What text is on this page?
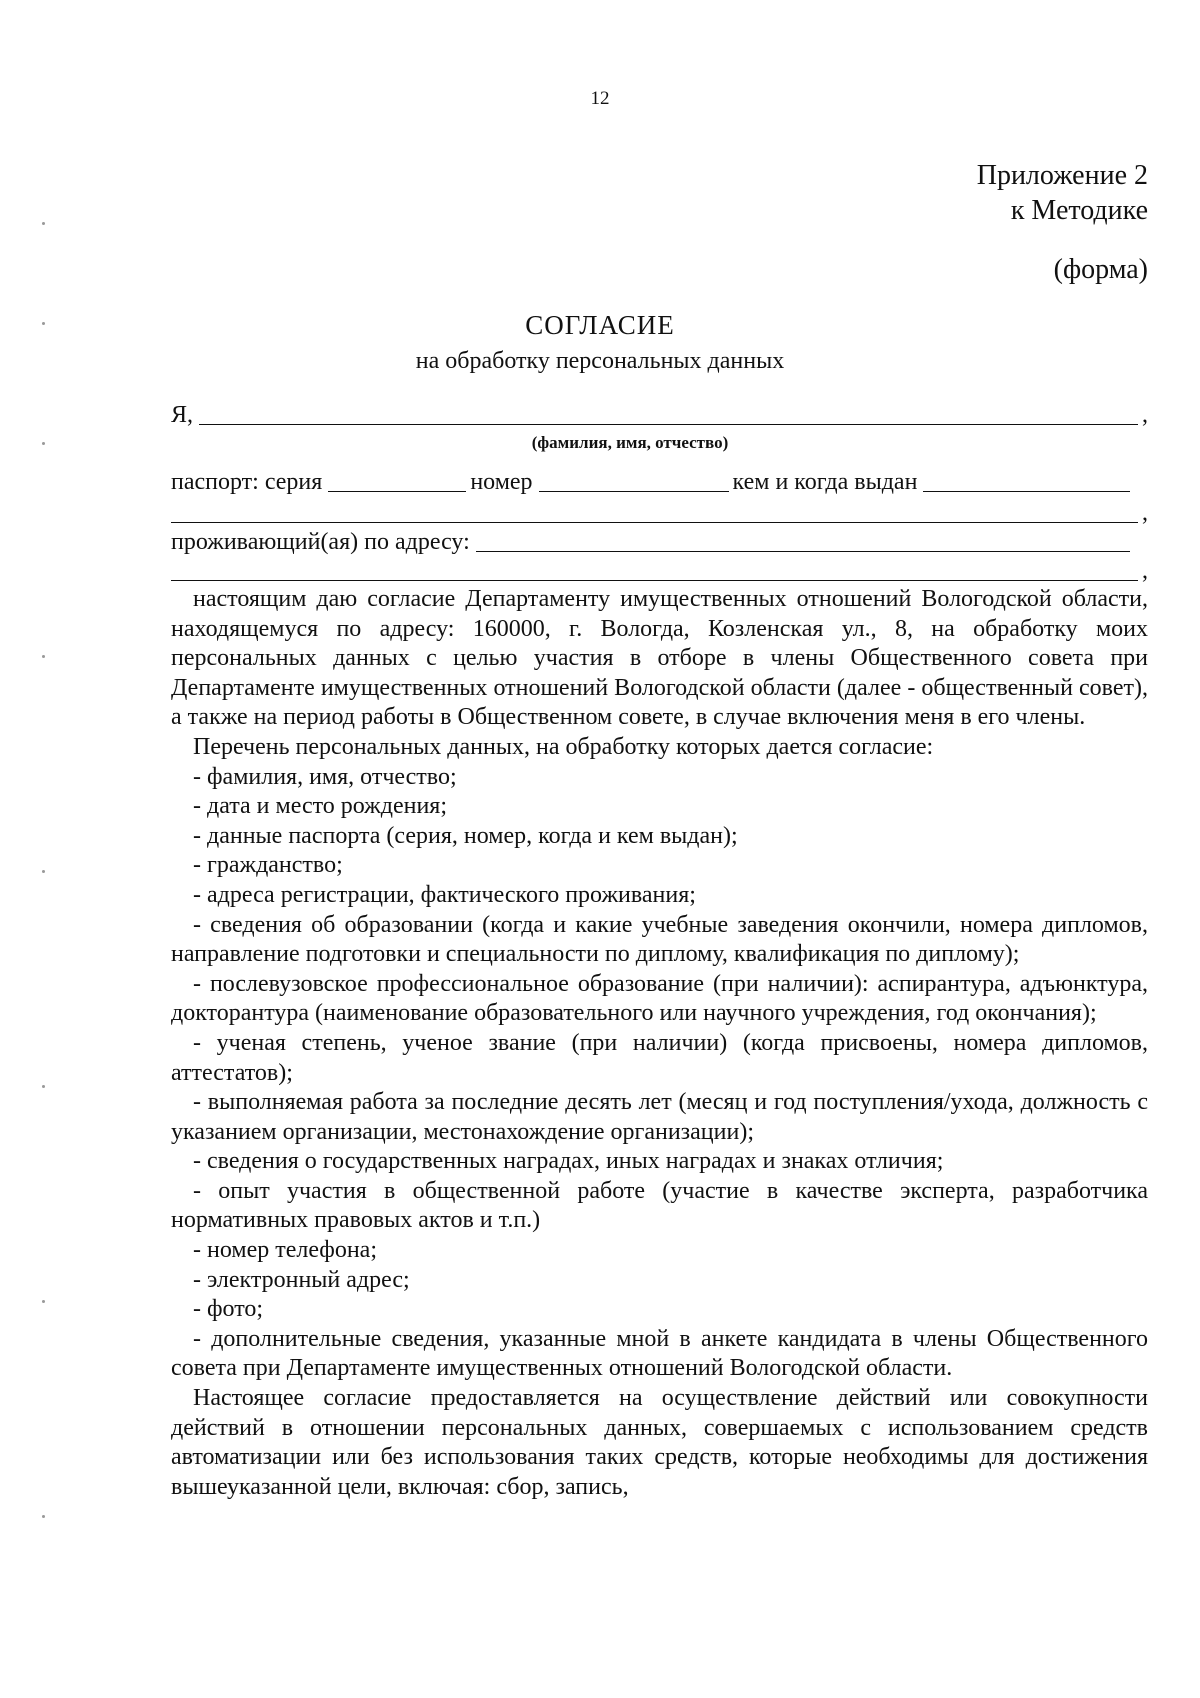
12
Приложение 2
к Методике
(форма)
СОГЛАСИЕ
на обработку персональных данных
Я,	,
(фамилия, имя, отчество)
паспорт: серия	номер	кем и когда выдан
,
проживающий(ая) по адресу:
,

настоящим даю согласие Департаменту имущественных отношений Вологодской области, находящемуся по адресу: 160000, г. Вологда, Козленская ул., 8, на обработку моих персональных данных с целью участия в отборе в члены Общественного совета при Департаменте имущественных отношений Вологодской области (далее - общественный совет), а также на период работы в Общественном совете, в случае включения меня в его члены.

Перечень персональных данных, на обработку которых дается согласие:

- фамилия, имя, отчество;

- дата и место рождения;

- данные паспорта (серия, номер, когда и кем выдан);

- гражданство;

- адреса регистрации, фактического проживания;

- сведения об образовании (когда и какие учебные заведения окончили, номера дипломов, направление подготовки и специальности по диплому, квалификация по диплому);

- послевузовское профессиональное образование (при наличии): аспирантура, адъюнктура, докторантура (наименование образовательного или научного учреждения, год окончания);

- ученая степень, ученое звание (при наличии) (когда присвоены, номера дипломов, аттестатов);

- выполняемая работа за последние десять лет (месяц и год поступления/ухода, должность с указанием организации, местонахождение организации);

- сведения о государственных наградах, иных наградах и знаках отличия;

- опыт участия в общественной работе (участие в качестве эксперта, разработчика нормативных правовых актов и т.п.)

- номер телефона;

- электронный адрес;

- фото;

- дополнительные сведения, указанные мной в анкете кандидата в члены Общественного совета при Департаменте имущественных отношений Вологодской области.

Настоящее согласие предоставляется на осуществление действий или совокупности действий в отношении персональных данных, совершаемых с использованием средств автоматизации или без использования таких средств, которые необходимы для достижения вышеуказанной цели, включая: сбор, запись,
